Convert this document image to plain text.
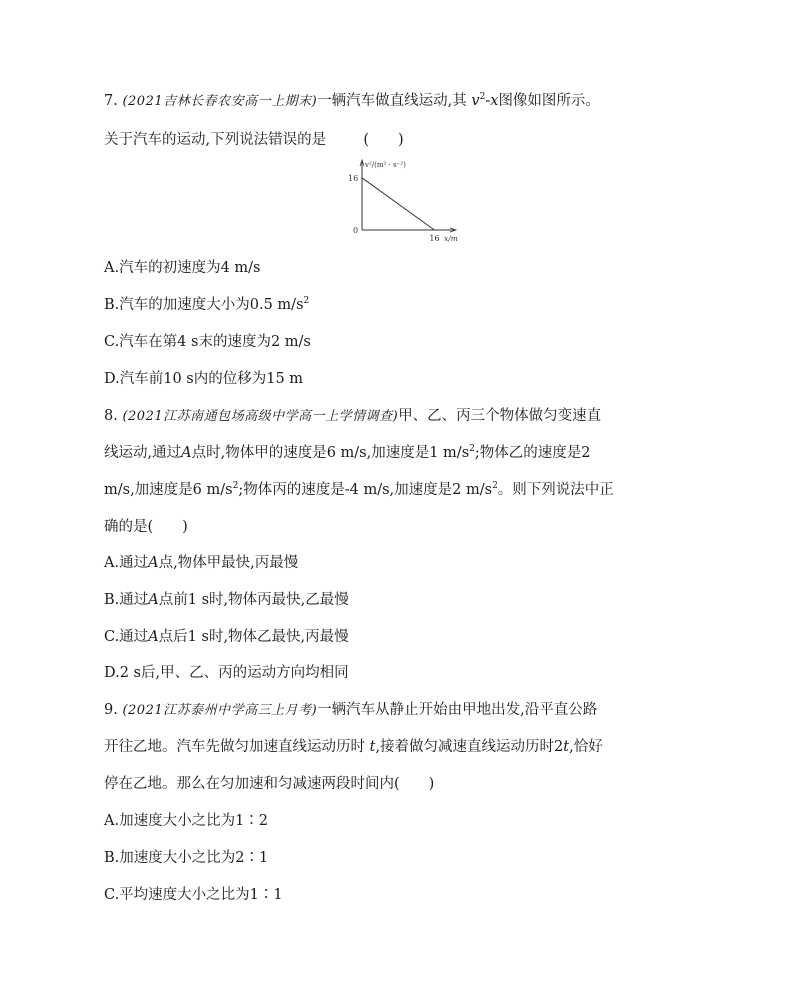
7. (2021吉林长春农安高一上期末)一辆汽车做直线运动,其 $v^2-x$图像如图所示。
关于汽车的运动,下列说法错误的是	(　　)
v²/(m² · s⁻²)
x/m
0
16
16
A.汽车的初速度为4 m/s
B.汽车的加速度大小为0.5 $m/s^2$
C.汽车在第4 s末的速度为2 m/s
D.汽车前10 s内的位移为15 m
8. (2021江苏南通包场高级中学高一上学情调查)甲、乙、丙三个物体做匀变速直
线运动,通过A点时,物体甲的速度是6 m/s,加速度是1 $m/s^2$;物体乙的速度是2
m/s,加速度是6 $m/s^2$;物体丙的速度是-4 m/s,加速度是2 $m/s^2$。则下列说法中正
确的是(　　)
A.通过A点,物体甲最快,丙最慢
B.通过A点前1 s时,物体丙最快,乙最慢
C.通过A点后1 s时,物体乙最快,丙最慢
D.2 s后,甲、乙、丙的运动方向均相同
9. (2021江苏泰州中学高三上月考)一辆汽车从静止开始由甲地出发,沿平直公路
开往乙地。汽车先做匀加速直线运动历时 t,接着做匀减速直线运动历时2t,恰好
停在乙地。那么在匀加速和匀减速两段时间内(　　)
A.加速度大小之比为1∶2
B.加速度大小之比为2∶1
C.平均速度大小之比为1∶1
